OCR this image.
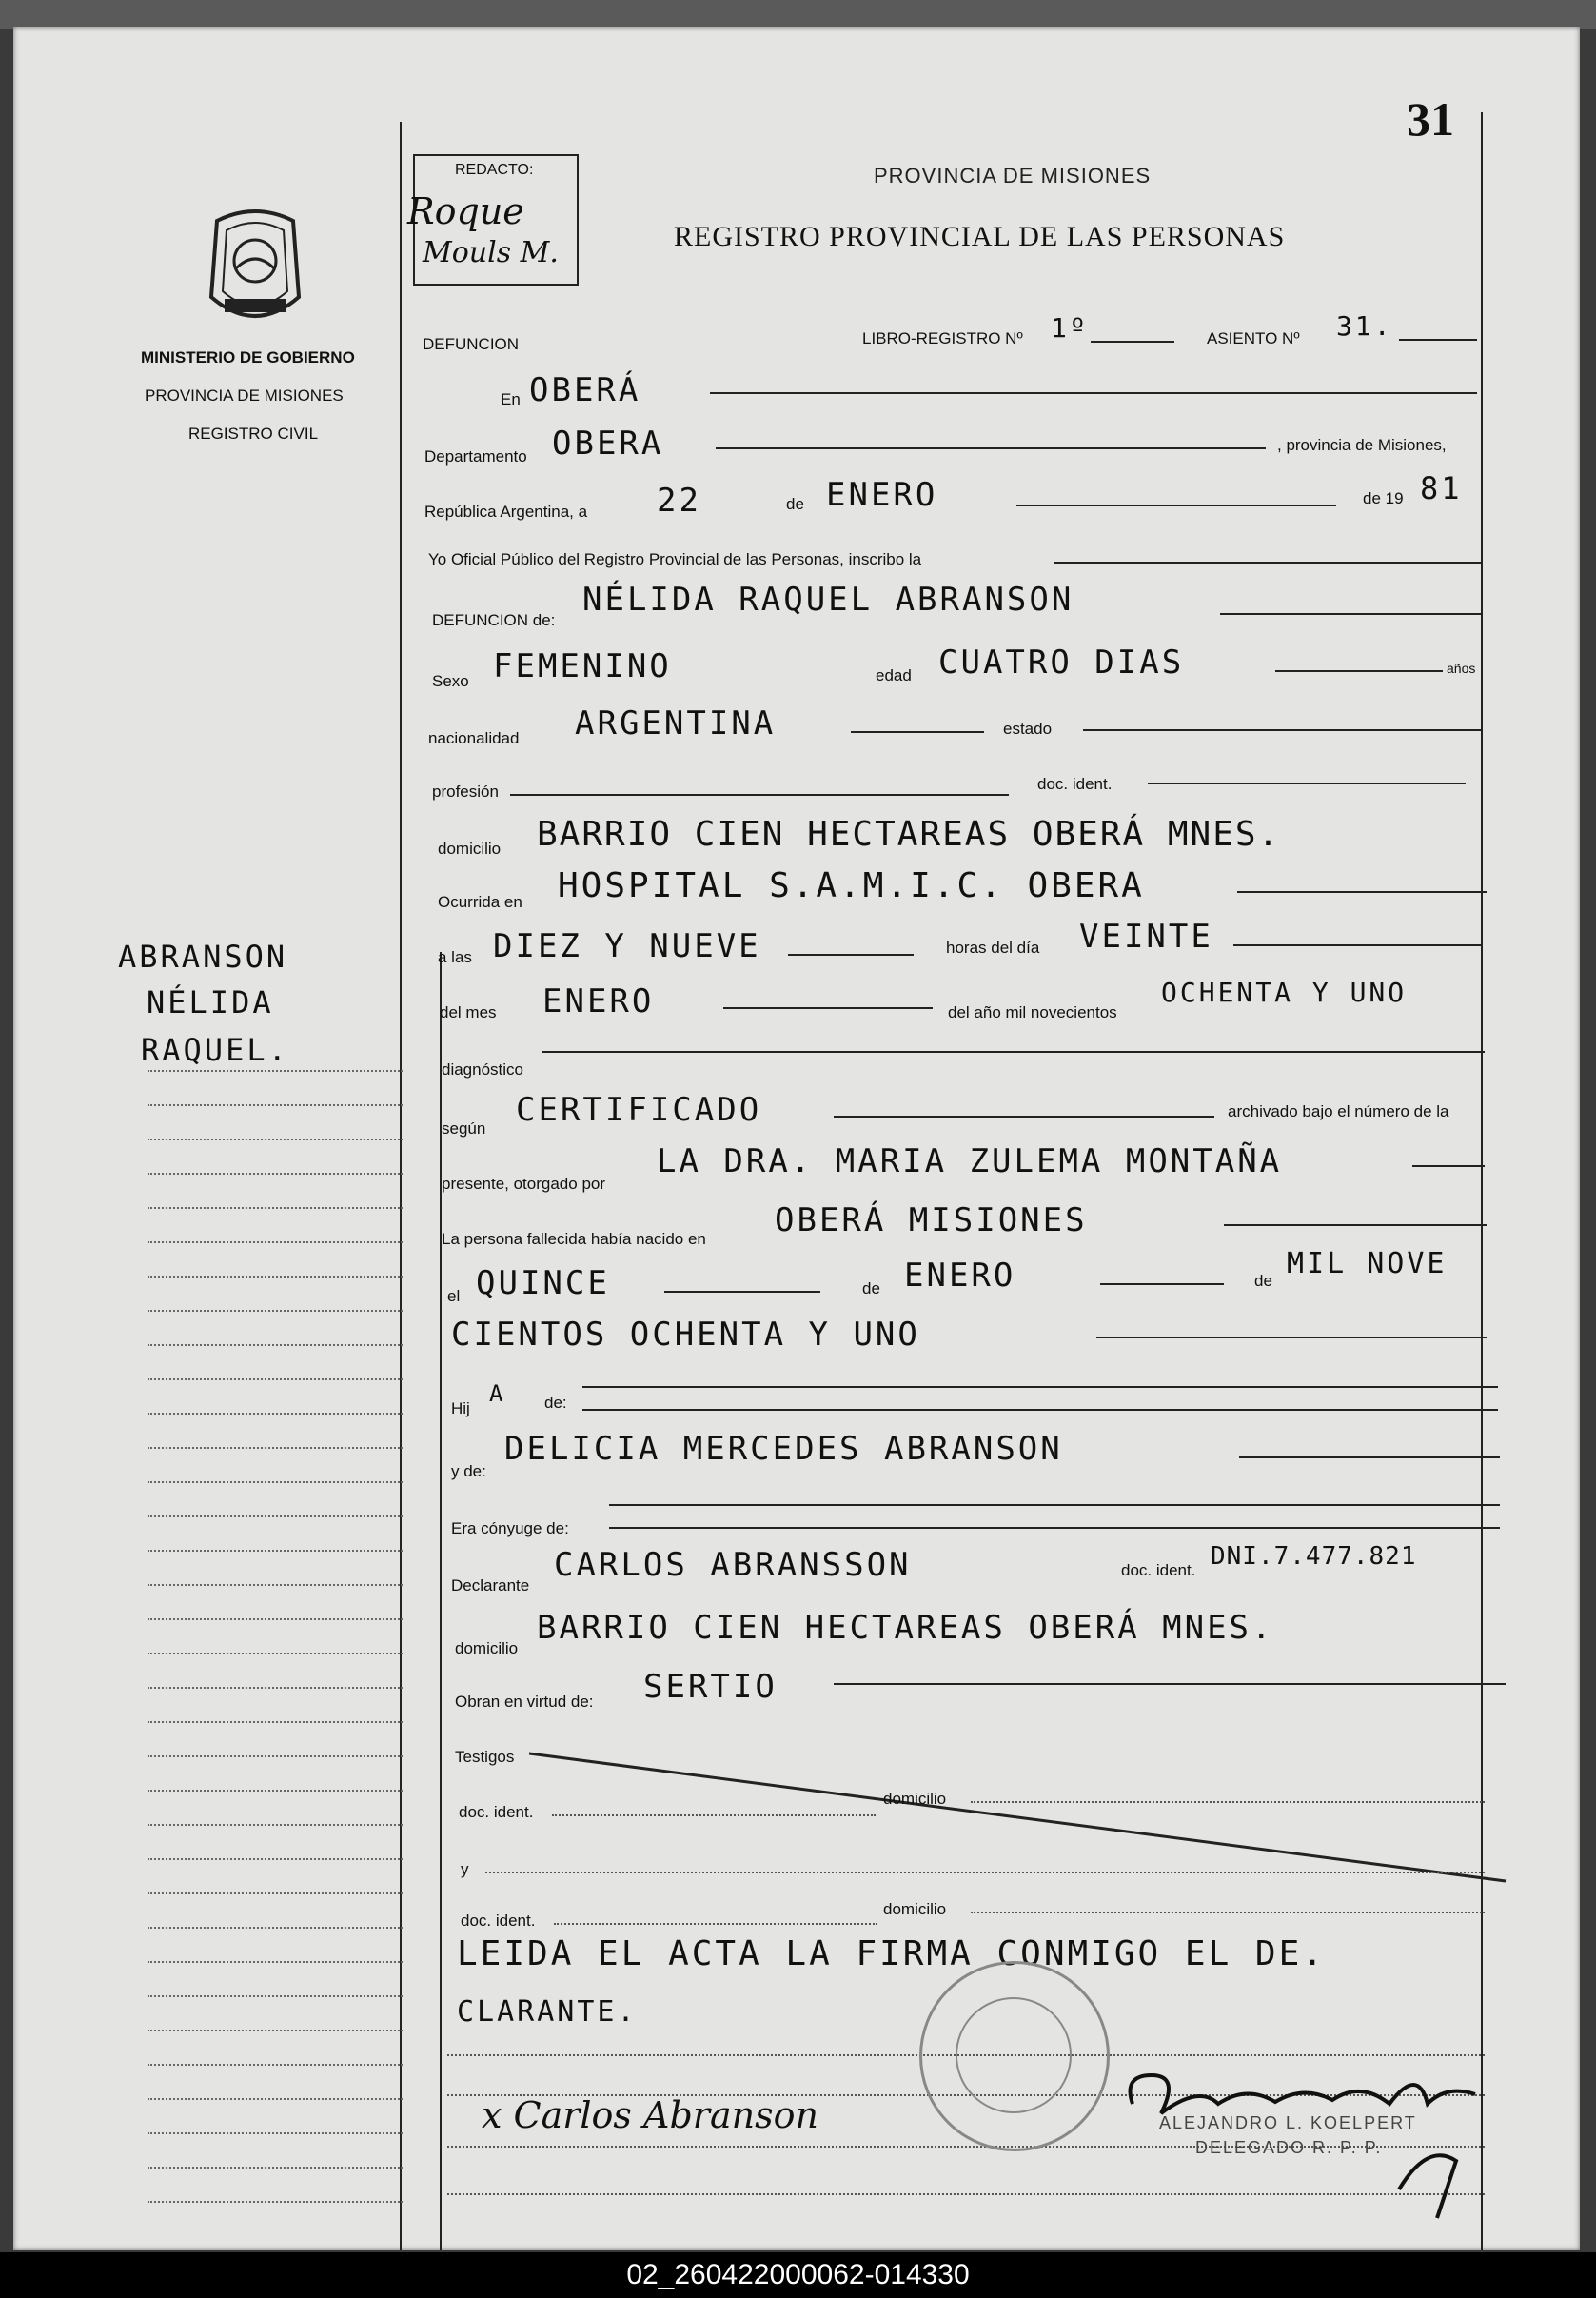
31
MINISTERIO DE GOBIERNO
PROVINCIA DE MISIONES
REGISTRO CIVIL
REDACTO:
Roque
Mouls M.
PROVINCIA DE MISIONES
REGISTRO PROVINCIAL DE LAS PERSONAS
DEFUNCION	LIBRO-REGISTRO Nº 1º	ASIENTO Nº 31.
En OBERÁ
Departamento OBERA	, provincia de Misiones,
República Argentina, a 22	de ENERO	de 19 81
Yo Oficial Público del Registro Provincial de las Personas, inscribo la
DEFUNCION de:
NÉLIDA RAQUEL ABRANSON
Sexo FEMENINO	edad CUATRO DIAS	años
nacionalidad ARGENTINA	estado
profesión	doc. ident.
domicilio BARRIO CIEN HECTAREAS OBERÁ MNES.
Ocurrida en HOSPITAL S.A.M.I.C. OBERA
a las DIEZ Y NUEVE	horas del día VEINTE
del mes ENERO	del año mil novecientos
OCHENTA Y UNO
diagnóstico
según CERTIFICADO	archivado bajo el número de la
presente, otorgado por
LA DRA. MARIA ZULEMA MONTAÑA
La persona fallecida había nacido en OBERÁ MISIONES
el QUINCE	de ENERO	de
MIL NOVE
CIENTOS OCHENTA Y UNO
Hij
A de:
y de:
DELICIA MERCEDES ABRANSON
Era cónyuge de:
Declarante
CARLOS ABRANSSON	doc. ident. DNI.7.477.821
domicilio
BARRIO CIEN HECTAREAS OBERÁ MNES.
Obran en virtud de: SERTIO
Testigos
doc. ident.
domicilio
y
doc. ident.
domicilio
LEIDA EL ACTA LA FIRMA CONMIGO EL DE.
CLARANTE.
x Carlos Abranson	ALEJANDRO L. KOELPERT
DELEGADO R. P. P.
ABRANSON
NÉLIDA
RAQUEL.
02_260422000062-014330
